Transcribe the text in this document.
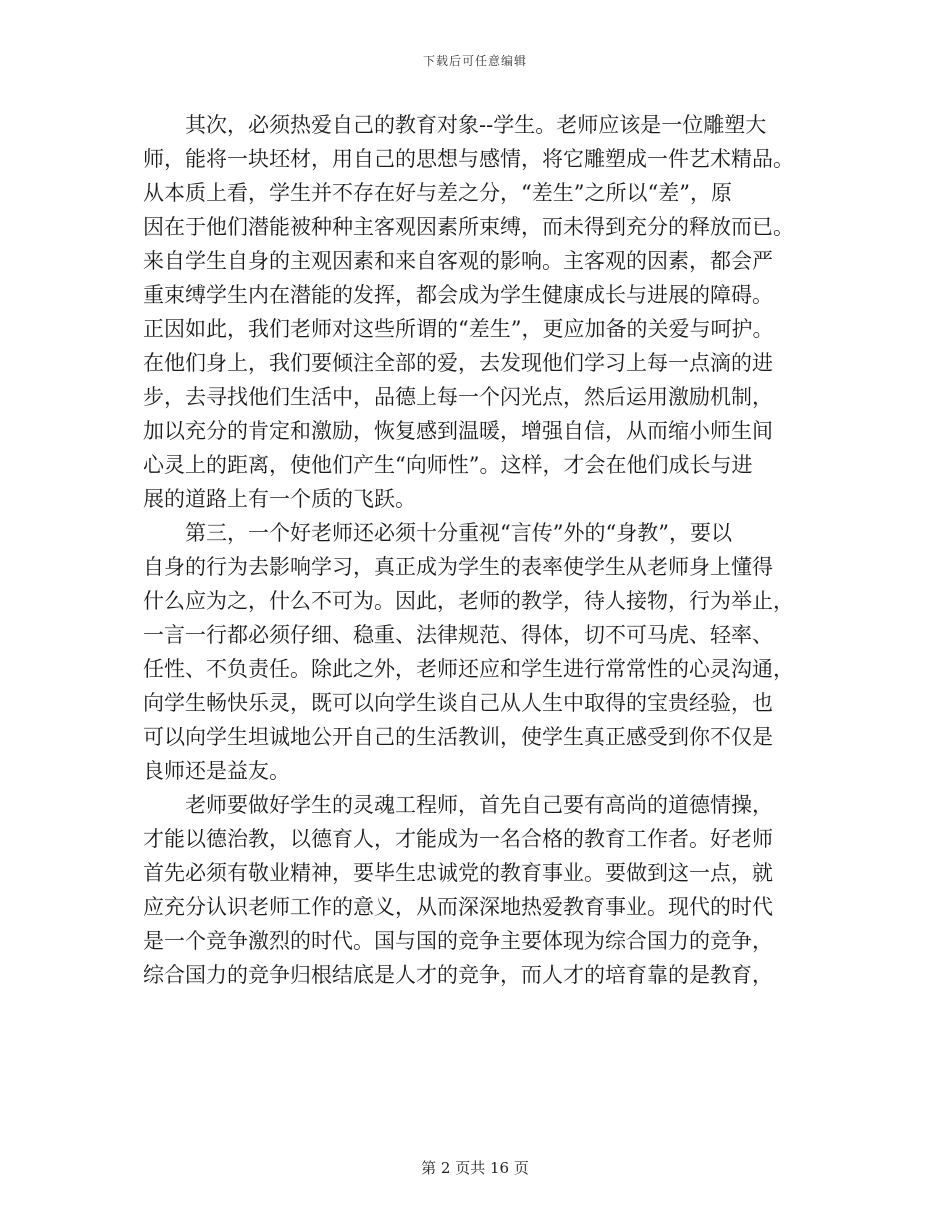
下载后可任意编辑
　　其次，必须热爱自己的教育对象--学生。老师应该是一位雕塑大
师，能将一块坯材，用自己的思想与感情，将它雕塑成一件艺术精品。
从本质上看，学生并不存在好与差之分，“差生”之所以“差”，原
因在于他们潜能被种种主客观因素所束缚，而未得到充分的释放而已。
来自学生自身的主观因素和来自客观的影响。主客观的因素，都会严
重束缚学生内在潜能的发挥，都会成为学生健康成长与进展的障碍。
正因如此，我们老师对这些所谓的“差生”，更应加备的关爱与呵护。
在他们身上，我们要倾注全部的爱，去发现他们学习上每一点滴的进
步，去寻找他们生活中，品德上每一个闪光点，然后运用激励机制，
加以充分的肯定和激励，恢复感到温暖，增强自信，从而缩小师生间
心灵上的距离，使他们产生“向师性”。这样，才会在他们成长与进
展的道路上有一个质的飞跃。
　　第三，一个好老师还必须十分重视“言传”外的“身教”，要以
自身的行为去影响学习，真正成为学生的表率使学生从老师身上懂得
什么应为之，什么不可为。因此，老师的教学，待人接物，行为举止，
一言一行都必须仔细、稳重、法律规范、得体，切不可马虎、轻率、
任性、不负责任。除此之外，老师还应和学生进行常常性的心灵沟通，
向学生畅快乐灵，既可以向学生谈自己从人生中取得的宝贵经验，也
可以向学生坦诚地公开自己的生活教训，使学生真正感受到你不仅是
良师还是益友。
　　老师要做好学生的灵魂工程师，首先自己要有高尚的道德情操，
才能以德治教，以德育人，才能成为一名合格的教育工作者。好老师
首先必须有敬业精神，要毕生忠诚党的教育事业。要做到这一点，就
应充分认识老师工作的意义，从而深深地热爱教育事业。现代的时代
是一个竞争激烈的时代。国与国的竞争主要体现为综合国力的竞争，
综合国力的竞争归根结底是人才的竞争，而人才的培育靠的是教育，
第 2 页共 16 页
